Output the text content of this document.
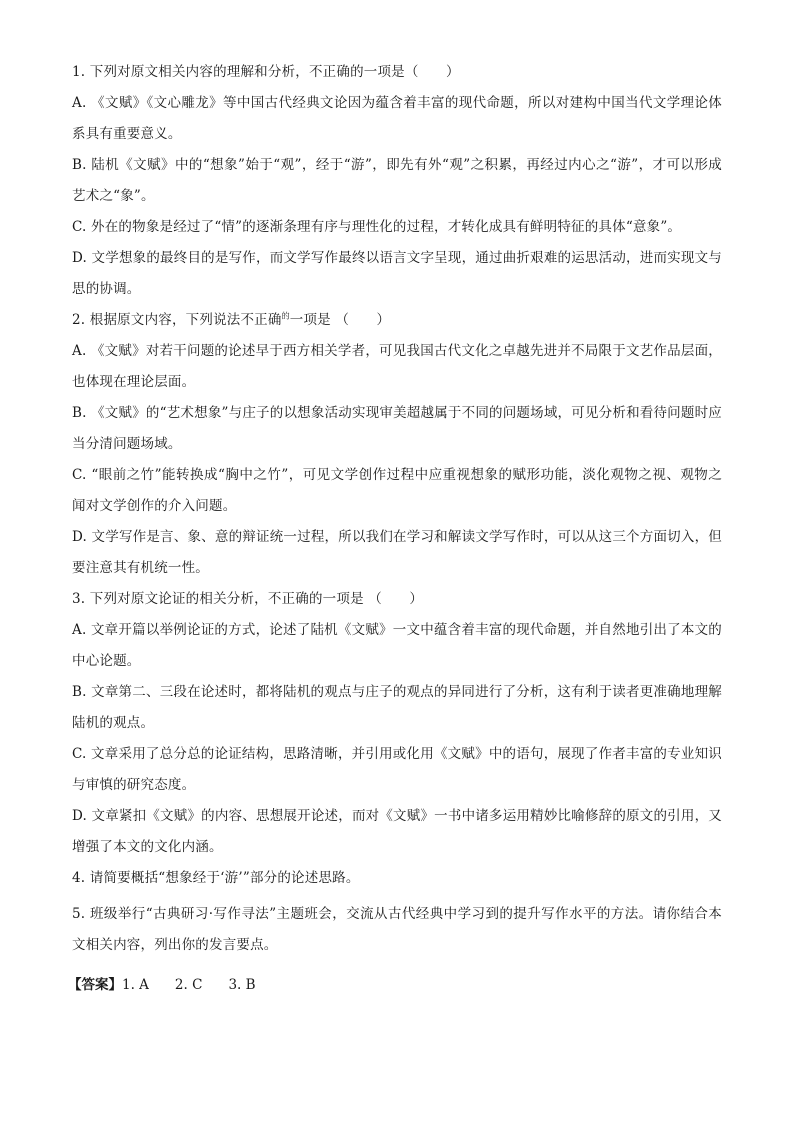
1. 下列对原文相关内容的理解和分析，不正确的一项是（　　）
A. 《文赋》《文心雕龙》等中国古代经典文论因为蕴含着丰富的现代命题，所以对建构中国当代文学理论体系具有重要意义。
B. 陆机《文赋》中的“想象”始于“观”，经于“游”，即先有外“观”之积累，再经过内心之“游”，才可以形成艺术之“象”。
C. 外在的物象是经过了“情”的逐渐条理有序与理性化的过程，才转化成具有鲜明特征的具体“意象”。
D. 文学想象的最终目的是写作，而文学写作最终以语言文字呈现，通过曲折艰难的运思活动，进而实现文与思的协调。
2. 根据原文内容，下列说法不正确$^的$一项是 （　　）
A. 《文赋》对若干问题的论述早于西方相关学者，可见我国古代文化之卓越先进并不局限于文艺作品层面，也体现在理论层面。
B. 《文赋》的“艺术想象”与庄子的以想象活动实现审美超越属于不同的问题场域，可见分析和看待问题时应当分清问题场域。
C. “眼前之竹”能转换成“胸中之竹”，可见文学创作过程中应重视想象的赋形功能，淡化观物之视、观物之闻对文学创作的介入问题。
D. 文学写作是言、象、意的辩证统一过程，所以我们在学习和解读文学写作时，可以从这三个方面切入，但要注意其有机统一性。
3. 下列对原文论证的相关分析，不正确的一项是 （　　）
A. 文章开篇以举例论证的方式，论述了陆机《文赋》一文中蕴含着丰富的现代命题，并自然地引出了本文的中心论题。
B. 文章第二、三段在论述时，都将陆机的观点与庄子的观点的异同进行了分析，这有利于读者更准确地理解陆机的观点。
C. 文章采用了总分总的论证结构，思路清晰，并引用或化用《文赋》中的语句，展现了作者丰富的专业知识与审慎的研究态度。
D. 文章紧扣《文赋》的内容、思想展开论述，而对《文赋》一书中诸多运用精妙比喻修辞的原文的引用，又增强了本文的文化内涵。
4. 请简要概括“想象经于‘游’”部分的论述思路。
5. 班级举行“古典研习·写作寻法”主题班会，交流从古代经典中学习到的提升写作水平的方法。请你结合本文相关内容，列出你的发言要点。
【答案】1. A 2. C 3. B
